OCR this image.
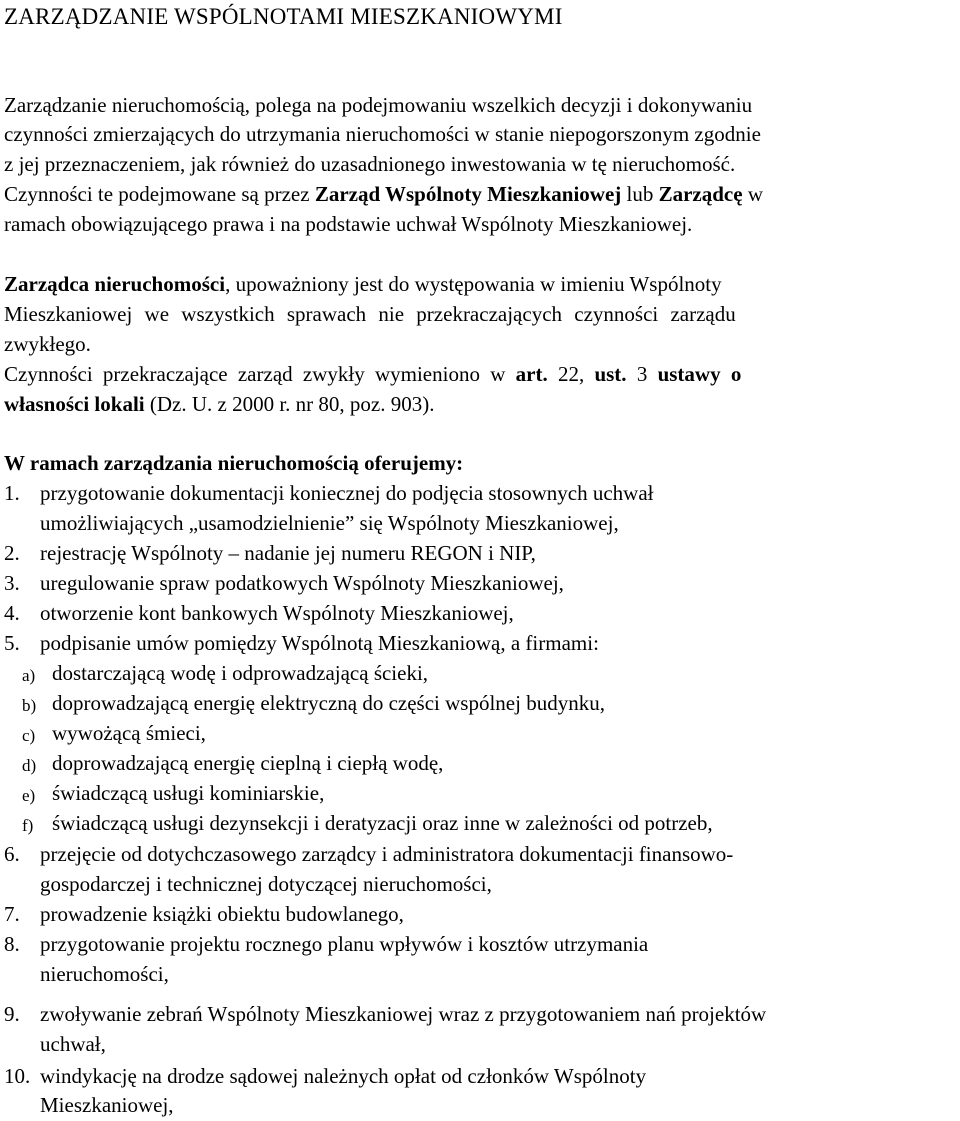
ZARZĄDZANIE WSPÓLNOTAMI MIESZKANIOWYMI
Zarządzanie nieruchomością, polega na podejmowaniu wszelkich decyzji i dokonywaniu
czynności zmierzających do utrzymania nieruchomości w stanie niepogorszonym zgodnie
z jej przeznaczeniem, jak również do uzasadnionego inwestowania w tę nieruchomość.
Czynności te podejmowane są przez Zarząd Wspólnoty Mieszkaniowej lub Zarządcę w
ramach obowiązującego prawa i na podstawie uchwał Wspólnoty Mieszkaniowej.
Zarządca nieruchomości, upoważniony jest do występowania w imieniu Wspólnoty
Mieszkaniowej we wszystkich sprawach nie przekraczających czynności zarządu
zwykłego.
Czynności przekraczające zarząd zwykły wymieniono w art. 22, ust. 3 ustawy o
własności lokali (Dz. U. z 2000 r. nr 80, poz. 903).
W ramach zarządzania nieruchomością oferujemy:
1. przygotowanie dokumentacji koniecznej do podjęcia stosownych uchwał
umożliwiających „usamodzielnienie” się Wspólnoty Mieszkaniowej,
2. rejestrację Wspólnoty – nadanie jej numeru REGON i NIP,
3. uregulowanie spraw podatkowych Wspólnoty Mieszkaniowej,
4. otworzenie kont bankowych Wspólnoty Mieszkaniowej,
5. podpisanie umów pomiędzy Wspólnotą Mieszkaniową, a firmami:
a) dostarczającą wodę i odprowadzającą ścieki,
b) doprowadzającą energię elektryczną do części wspólnej budynku,
c) wywożącą śmieci,
d) doprowadzającą energię cieplną i ciepłą wodę,
e) świadczącą usługi kominiarskie,
f) świadczącą usługi dezynsekcji i deratyzacji oraz inne w zależności od potrzeb,
6. przejęcie od dotychczasowego zarządcy i administratora dokumentacji finansowo-
gospodarczej i technicznej dotyczącej nieruchomości,
7. prowadzenie książki obiektu budowlanego,
8. przygotowanie projektu rocznego planu wpływów i kosztów utrzymania
nieruchomości,
9. zwoływanie zebrań Wspólnoty Mieszkaniowej wraz z przygotowaniem nań projektów
uchwał,
10. windykację na drodze sądowej należnych opłat od członków Wspólnoty
Mieszkaniowej,
